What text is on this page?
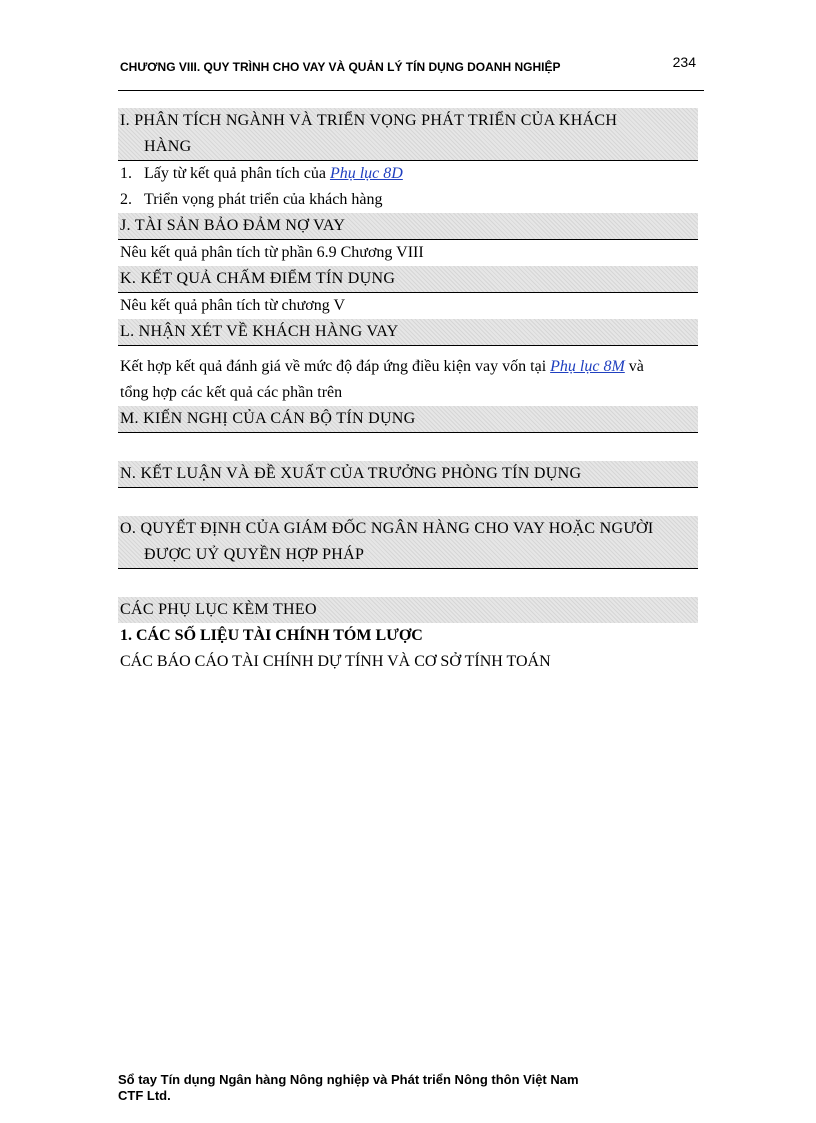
CHƯƠNG VIII. QUY TRÌNH CHO VAY VÀ QUẢN LÝ TÍN DỤNG DOANH NGHIỆP	234
I. PHÂN TÍCH NGÀNH VÀ TRIỂN VỌNG PHÁT TRIỂN CỦA KHÁCH
HÀNG
1. Lấy từ kết quả phân tích của Phụ lục 8D
2. Triển vọng phát triển của khách hàng
J. TÀI SẢN BẢO ĐẢM NỢ VAY
Nêu kết quả phân tích từ phần 6.9 Chương VIII
K. KẾT QUẢ CHẤM ĐIỂM TÍN DỤNG
Nêu kết quả phân tích từ chương V
L. NHẬN XÉT VỀ KHÁCH HÀNG VAY
Kết hợp kết quả đánh giá về mức độ đáp ứng điều kiện vay vốn tại Phụ lục 8M và
tổng hợp các kết quả các phần trên
M. KIẾN NGHỊ CỦA CÁN BỘ TÍN DỤNG
N. KẾT LUẬN VÀ ĐỀ XUẤT CỦA TRƯỞNG PHÒNG TÍN DỤNG
O. QUYẾT ĐỊNH CỦA GIÁM ĐỐC NGÂN HÀNG CHO VAY HOẶC NGƯỜI
ĐƯỢC UỶ QUYỀN HỢP PHÁP
CÁC PHỤ LỤC KÈM THEO
1. CÁC SỐ LIỆU TÀI CHÍNH TÓM LƯỢC
CÁC BÁO CÁO TÀI CHÍNH DỰ TÍNH VÀ CƠ SỞ TÍNH TOÁN
Sổ tay Tín dụng Ngân hàng Nông nghiệp và Phát triển Nông thôn Việt Nam
CTF Ltd.
